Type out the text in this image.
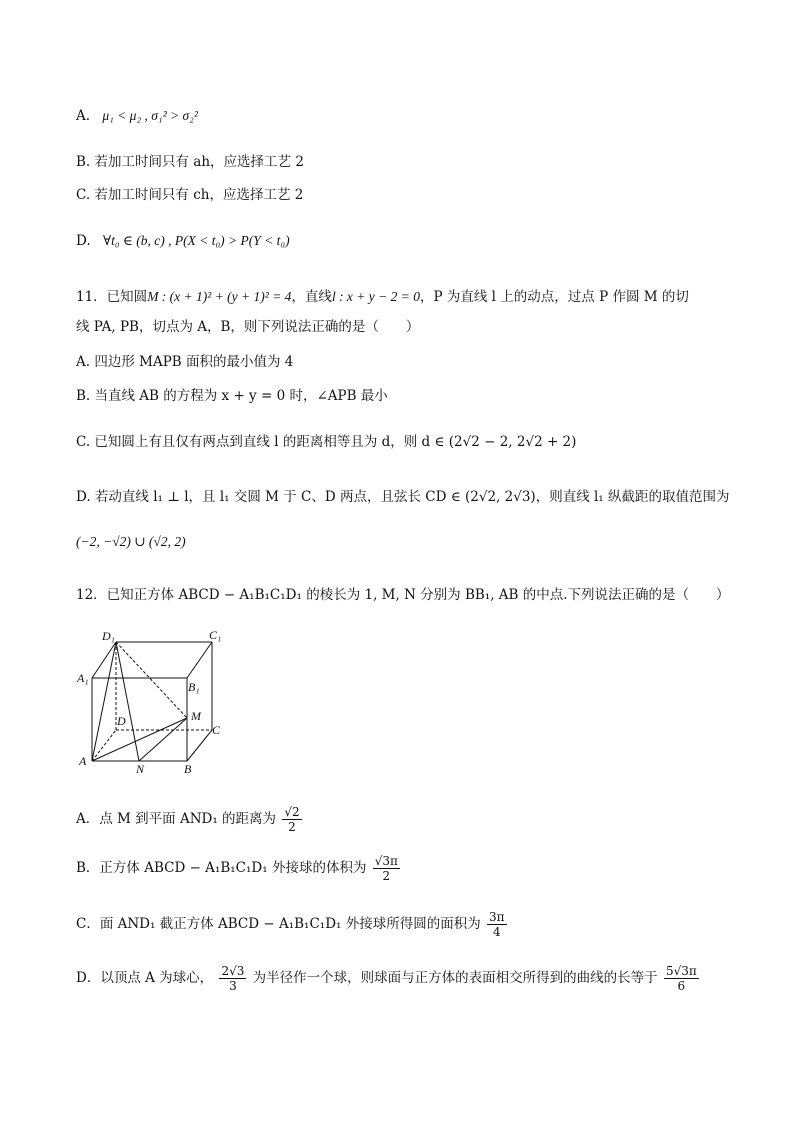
A. μ₁ < μ₂ , σ₁² > σ₂²
B. 若加工时间只有 ah，应选择工艺 2
C. 若加工时间只有 ch，应选择工艺 2
D. ∀t₀ ∈ (b, c) , P(X < t₀) > P(Y < t₀)
11．已知圆M : (x + 1)² + (y + 1)² = 4，直线l : x + y − 2 = 0，P 为直线 l 上的动点，过点 P 作圆 M 的切
线 PA, PB，切点为 A，B，则下列说法正确的是（　　）
A. 四边形 MAPB 面积的最小值为 4
B. 当直线 AB 的方程为 x + y = 0 时，∠APB 最小
C. 已知圆上有且仅有两点到直线 l 的距离相等且为 d，则 d ∈ (2√2 − 2, 2√2 + 2)
D. 若动直线 l₁ ⊥ l，且 l₁ 交圆 M 于 C、D 两点，且弦长 CD ∈ (2√2, 2√3)，则直线 l₁ 纵截距的取值范围为
(−2, −√2) ∪ (√2, 2)
12．已知正方体 ABCD − A₁B₁C₁D₁ 的棱长为 1, M, N 分别为 BB₁, AB 的中点.下列说法正确的是（　　）
D₁	C₁
A₁
B₁
D	M
C
A
N	B
A．点 M 到平面 AND₁ 的距离为 $\frac{√2}{2}$
B．正方体 ABCD − A₁B₁C₁D₁ 外接球的体积为 $\frac{√3\pi}{2}$
C．面 AND₁ 截正方体 ABCD − A₁B₁C₁D₁ 外接球所得圆的面积为 $\frac{3\pi}{4}$
D．以顶点 A 为球心， $\frac{2√3}{3}$ 为半径作一个球，则球面与正方体的表面相交所得到的曲线的长等于 $\frac{5√3\pi}{6}$
